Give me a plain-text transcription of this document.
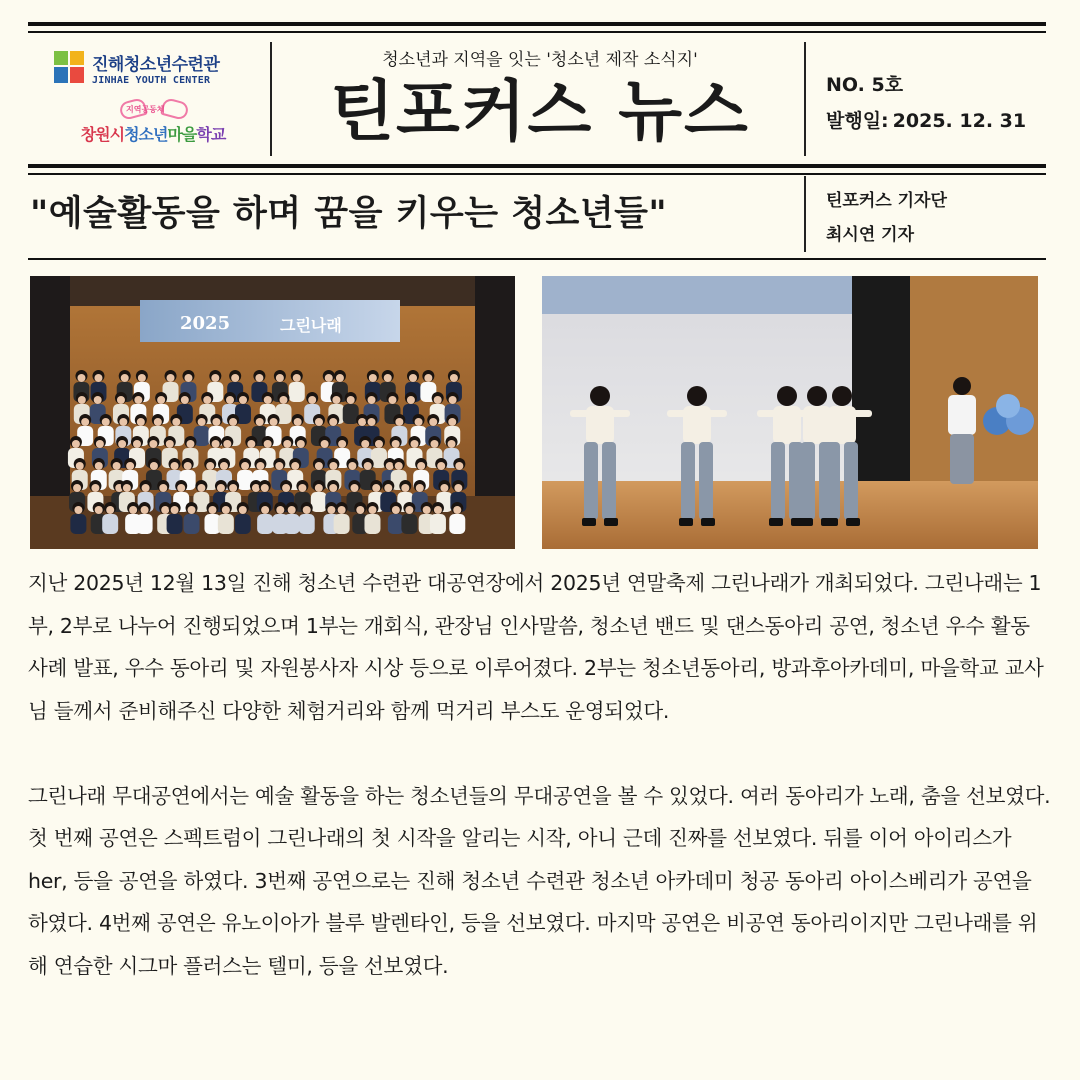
진해청소년수련관
JINHAE YOUTH CENTER
지역공동체
창원시청소년마을학교
청소년과 지역을 잇는 '청소년 제작 소식지'
틴포커스 뉴스	NO. 5호
발행일: 2025. 12. 31
"예술활동을 하며 꿈을 키우는 청소년들"	틴포커스 기자단
최시연 기자
2025	그린나래

지난 2025년 12월 13일 진해 청소년 수련관 대공연장에서 2025년 연말축제 그린나래가 개최되었다. 그린나래는 1부, 2부로 나누어 진행되었으며 1부는 개회식, 관장님 인사말씀, 청소년 밴드 및 댄스동아리 공연, 청소년 우수 활동 사례 발표, 우수 동아리 및 자원봉사자 시상 등으로 이루어졌다. 2부는 청소년동아리, 방과후아카데미, 마을학교 교사님 들께서 준비해주신 다양한 체험거리와 함께 먹거리 부스도 운영되었다.

그린나래 무대공연에서는 예술 활동을 하는 청소년들의 무대공연을 볼 수 있었다. 여러 동아리가 노래, 춤을 선보였다. 첫 번째 공연은 스펙트럼이 그린나래의 첫 시작을 알리는 시작, 아니 근데 진짜를 선보였다. 뒤를 이어 아이리스가 her, 등을 공연을 하였다. 3번째 공연으로는 진해 청소년 수련관 청소년 아카데미 청공 동아리 아이스베리가 공연을 하였다. 4번째 공연은 유노이아가 블루 발렌타인, 등을 선보였다. 마지막 공연은 비공연 동아리이지만 그린나래를 위해 연습한 시그마 플러스는 텔미, 등을 선보였다.
